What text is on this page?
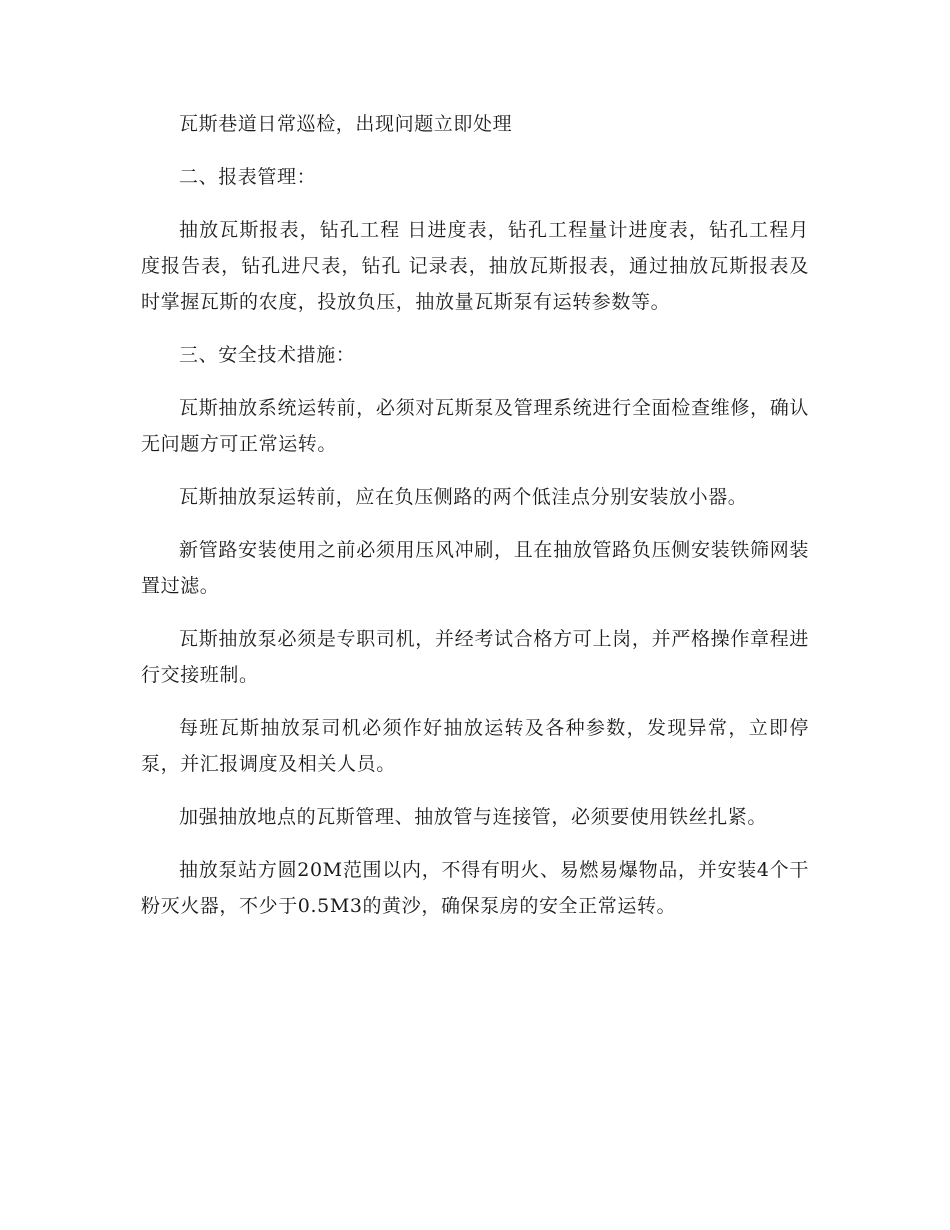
瓦斯巷道日常巡检，出现问题立即处理

二、报表管理：

抽放瓦斯报表，钻孔工程 日进度表，钻孔工程量计进度表，钻孔工程月度报告表，钻孔进尺表，钻孔 记录表，抽放瓦斯报表，通过抽放瓦斯报表及时掌握瓦斯的农度，投放负压，抽放量瓦斯泵有运转参数等。

三、安全技术措施：

瓦斯抽放系统运转前，必须对瓦斯泵及管理系统进行全面检查维修，确认无问题方可正常运转。

瓦斯抽放泵运转前，应在负压侧路的两个低洼点分别安装放小器。

新管路安装使用之前必须用压风冲刷，且在抽放管路负压侧安装铁筛网装置过滤。

瓦斯抽放泵必须是专职司机，并经考试合格方可上岗，并严格操作章程进行交接班制。

每班瓦斯抽放泵司机必须作好抽放运转及各种参数，发现异常，立即停泵，并汇报调度及相关人员。

加强抽放地点的瓦斯管理、抽放管与连接管，必须要使用铁丝扎紧。

抽放泵站方圆20M范围以内，不得有明火、易燃易爆物品，并安装4个干粉灭火器，不少于0.5M3的黄沙，确保泵房的安全正常运转。
